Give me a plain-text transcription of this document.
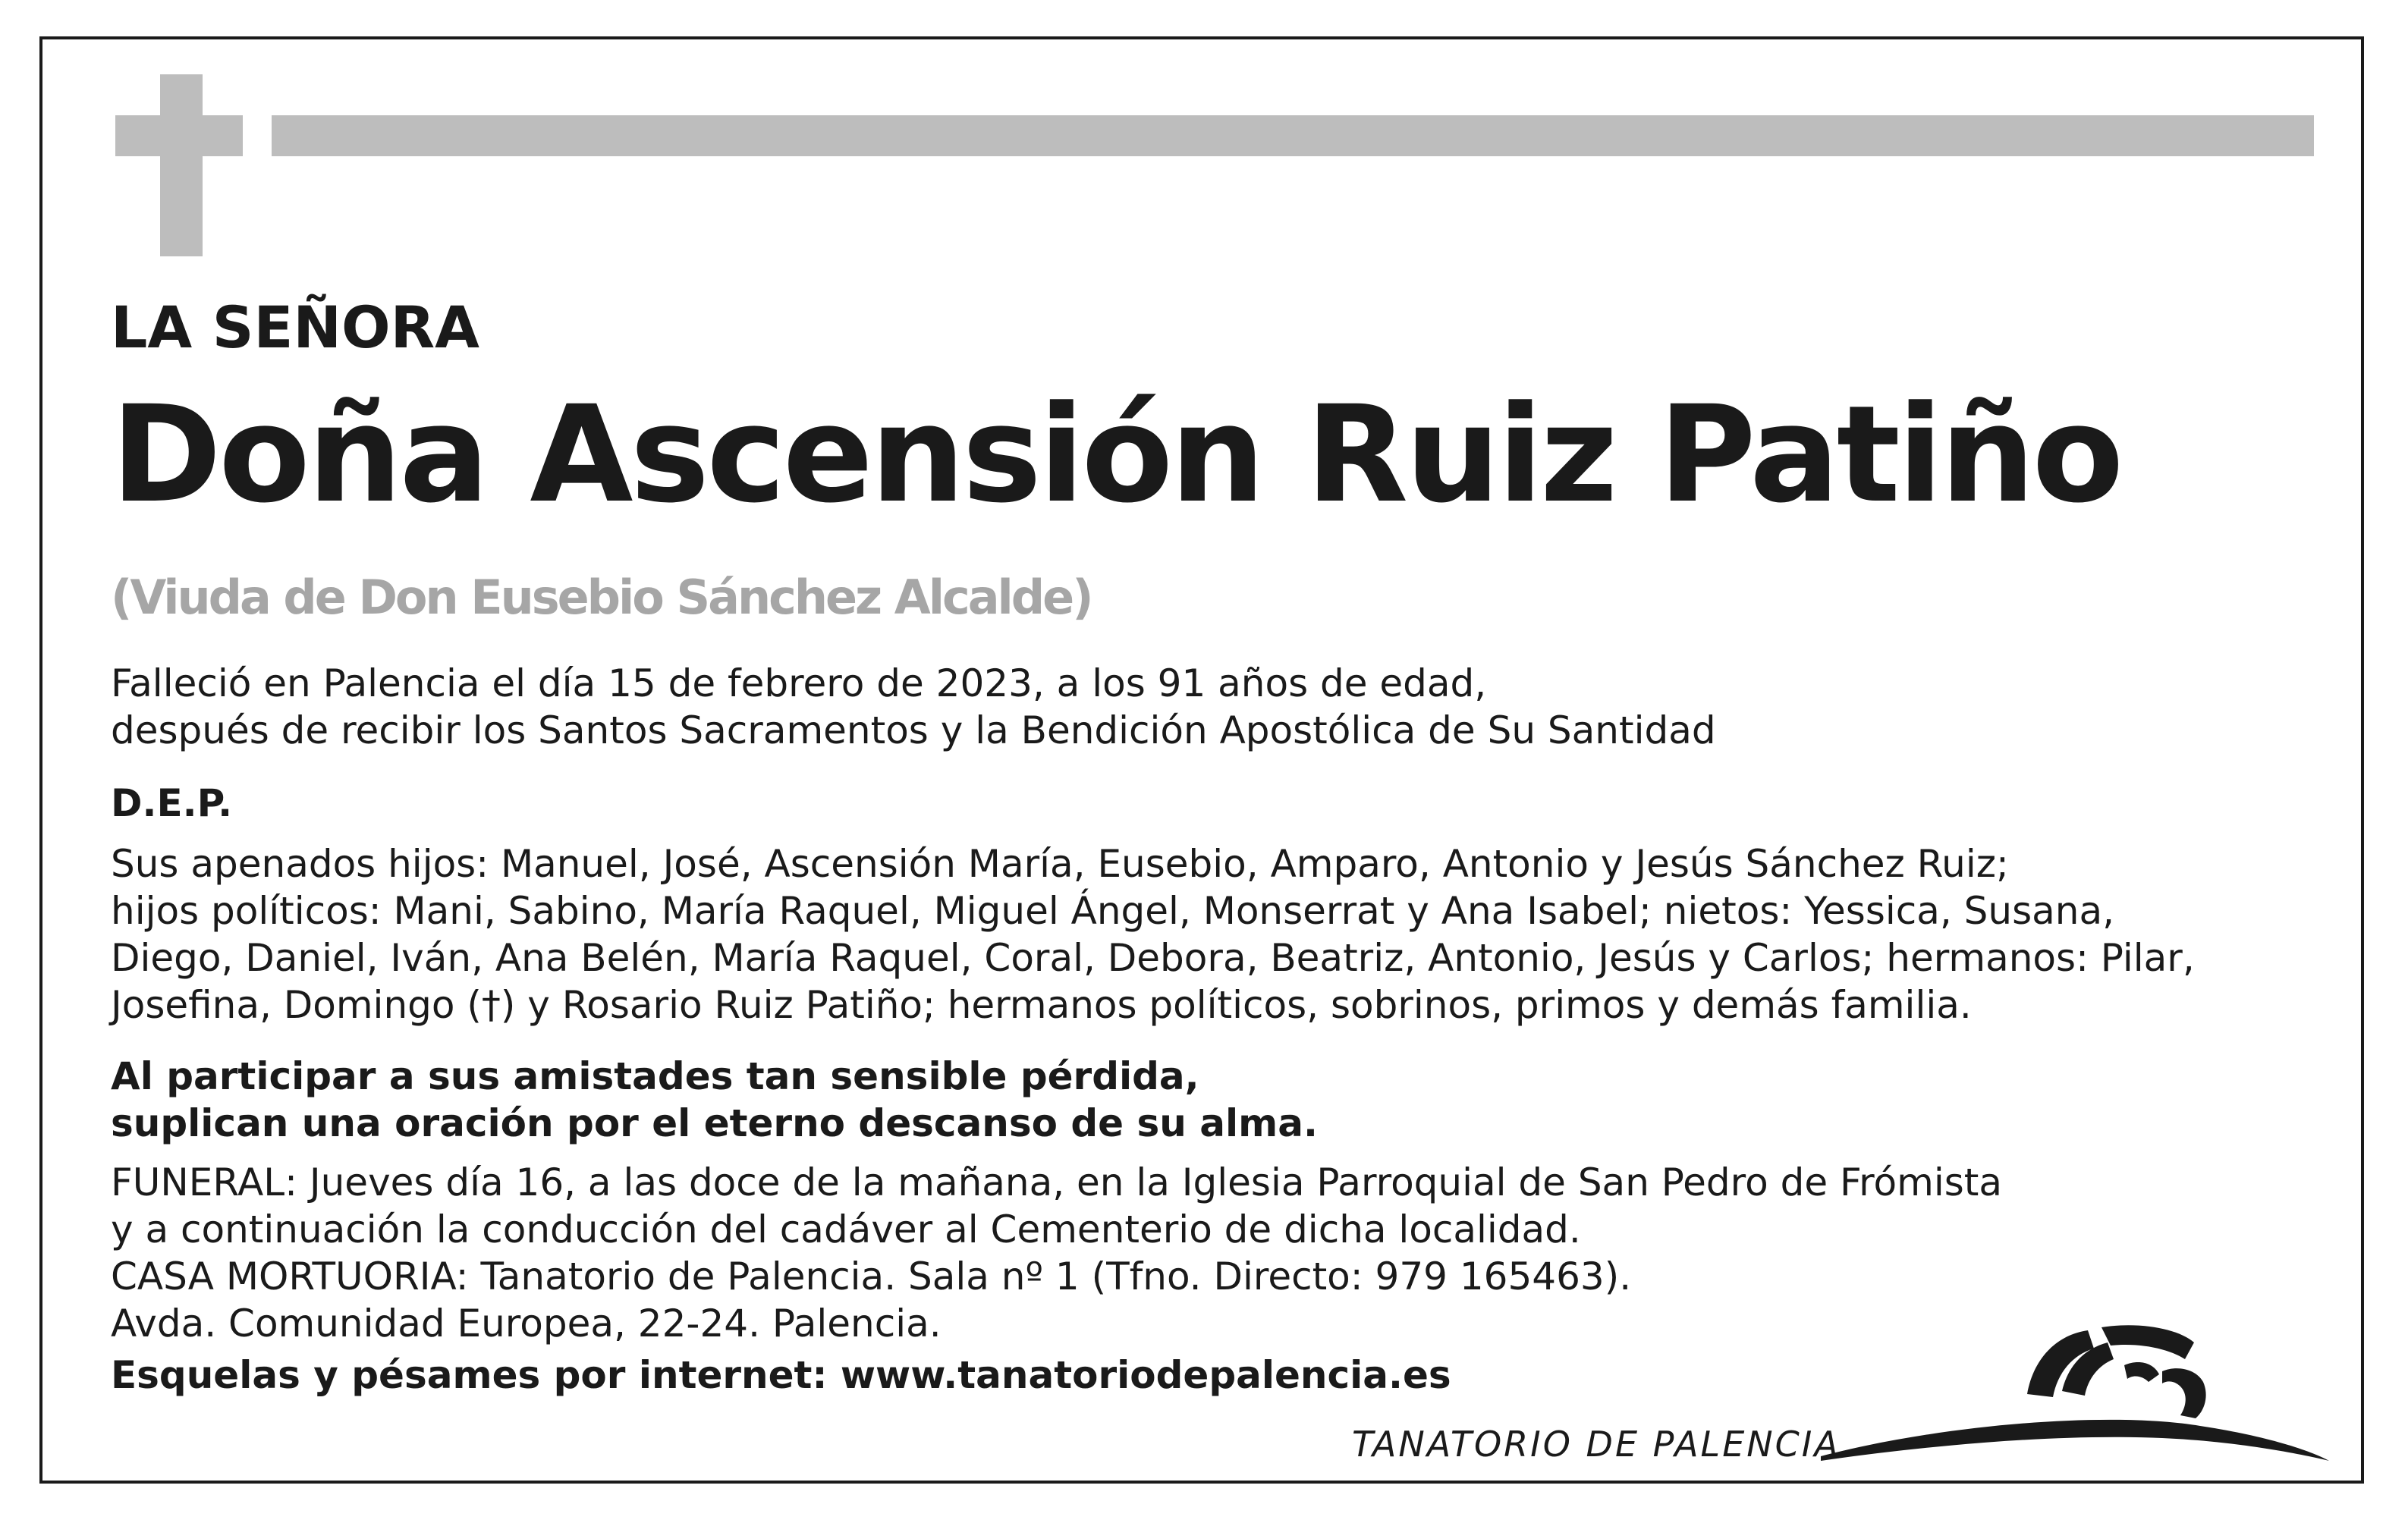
LA SEÑORA

Doña Ascensión Ruiz Patiño

(Viuda de Don Eusebio Sánchez Alcalde)

Falleció en Palencia el día 15 de febrero de 2023, a los 91 años de edad,
después de recibir los Santos Sacramentos y la Bendición Apostólica de Su Santidad

D.E.P.

Sus apenados hijos: Manuel, José, Ascensión María, Eusebio, Amparo, Antonio y Jesús Sánchez Ruiz;
hijos políticos: Mani, Sabino, María Raquel, Miguel Ángel, Monserrat y Ana Isabel; nietos: Yessica, Susana,
Diego, Daniel, Iván, Ana Belén, María Raquel, Coral, Debora, Beatriz, Antonio, Jesús y Carlos; hermanos: Pilar,
Josefina, Domingo (†) y Rosario Ruiz Patiño; hermanos políticos, sobrinos, primos y demás familia.
Al participar a sus amistades tan sensible pérdida,
suplican una oración por el eterno descanso de su alma.
FUNERAL: Jueves día 16, a las doce de la mañana, en la Iglesia Parroquial de San Pedro de Frómista
y a continuación la conducción del cadáver al Cementerio de dicha localidad.
CASA MORTUORIA: Tanatorio de Palencia. Sala nº 1 (Tfno. Directo: 979 165463).
Avda. Comunidad Europea, 22-24. Palencia.

Esquelas y pésames por internet: www.tanatoriodepalencia.es

TANATORIO DE PALENCIA
